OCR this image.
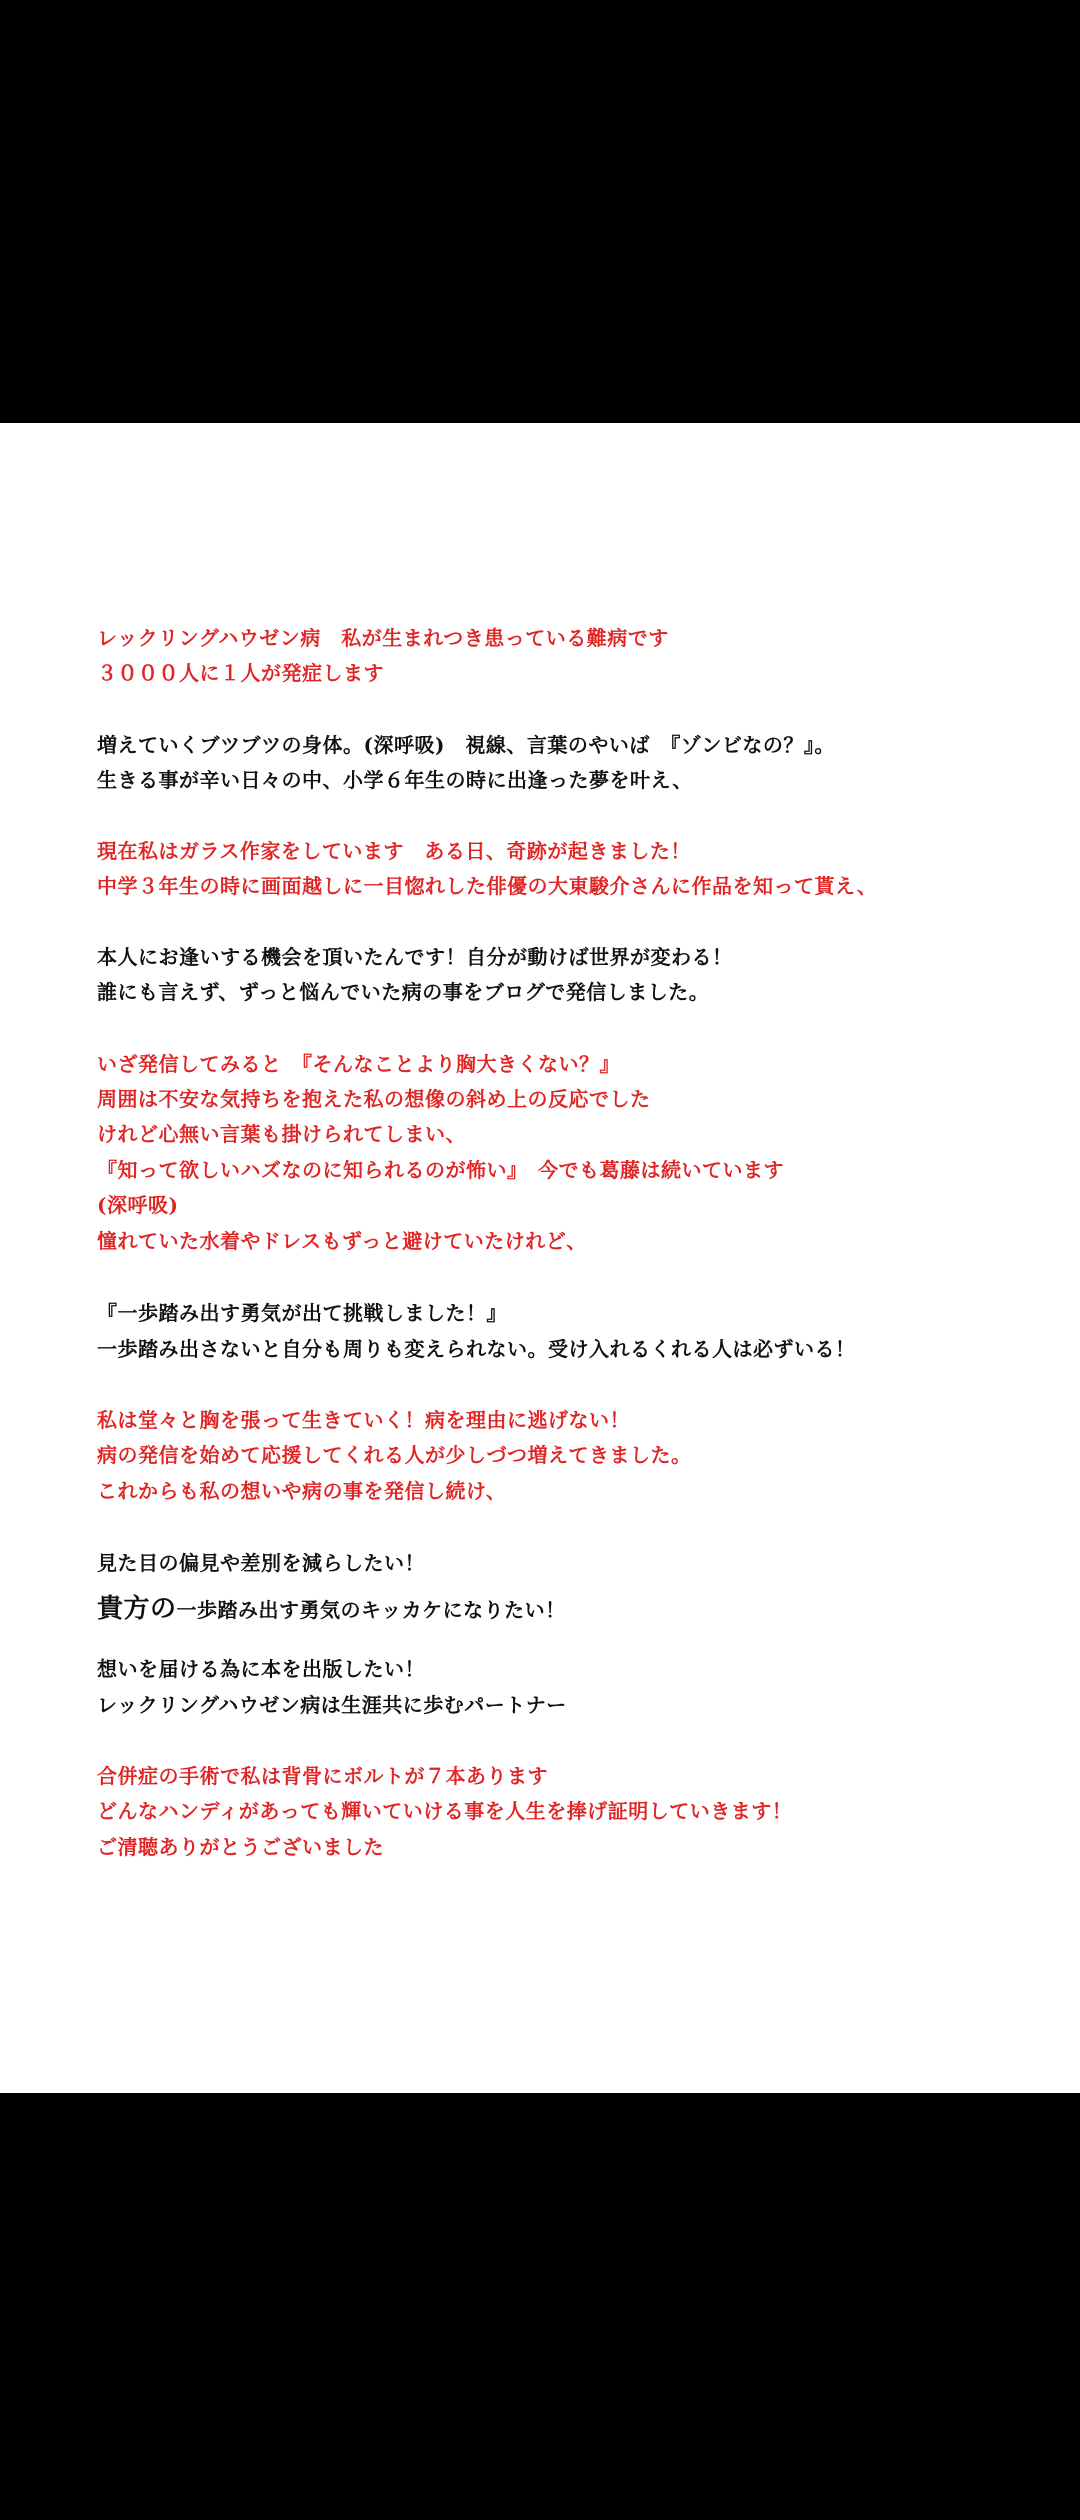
レックリングハウゼン病　私が生まれつき患っている難病です
３０００人に１人が発症します
増えていくブツブツの身体。(深呼吸)　視線、言葉のやいば　『ゾンビなの？』。
生きる事が辛い日々の中、小学６年生の時に出逢った夢を叶え、
現在私はガラス作家をしています　ある日、奇跡が起きました！
中学３年生の時に画面越しに一目惚れした俳優の大東駿介さんに作品を知って貰え、
本人にお逢いする機会を頂いたんです！自分が動けば世界が変わる！
誰にも言えず、ずっと悩んでいた病の事をブログで発信しました。
いざ発信してみると　『そんなことより胸大きくない？』
周囲は不安な気持ちを抱えた私の想像の斜め上の反応でした
けれど心無い言葉も掛けられてしまい、
『知って欲しいハズなのに知られるのが怖い』　今でも葛藤は続いています
(深呼吸)
憧れていた水着やドレスもずっと避けていたけれど、
『一歩踏み出す勇気が出て挑戦しました！』
一歩踏み出さないと自分も周りも変えられない。受け入れるくれる人は必ずいる！
私は堂々と胸を張って生きていく！病を理由に逃げない！
病の発信を始めて応援してくれる人が少しづつ増えてきました。
これからも私の想いや病の事を発信し続け、
見た目の偏見や差別を減らしたい！
貴方の一歩踏み出す勇気のキッカケになりたい！
想いを届ける為に本を出版したい！
レックリングハウゼン病は生涯共に歩むパートナー
合併症の手術で私は背骨にボルトが７本あります
どんなハンディがあっても輝いていける事を人生を捧げ証明していきます！
ご清聴ありがとうございました
